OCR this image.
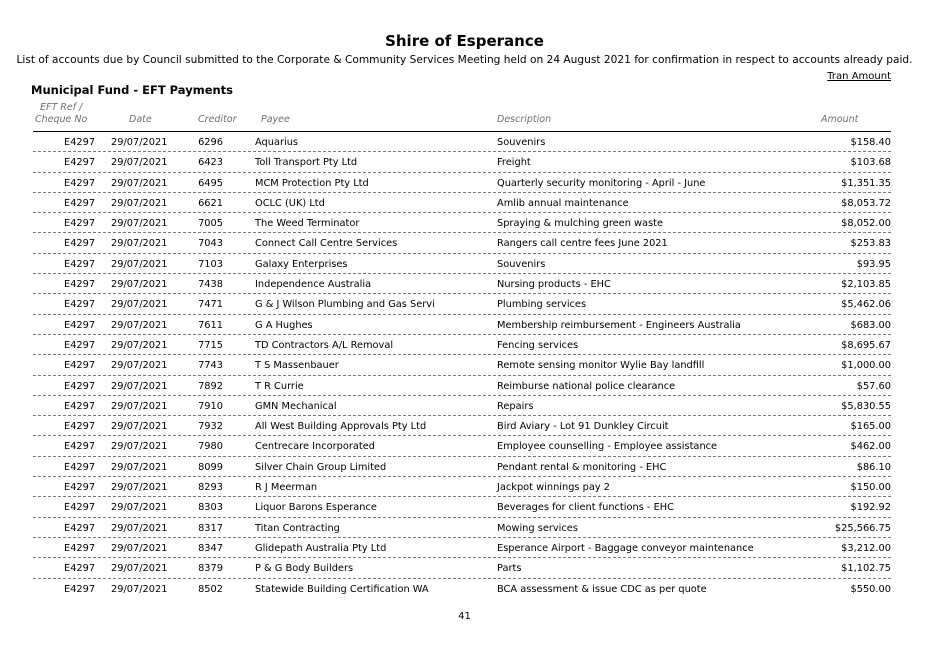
Shire of Esperance
List of accounts due by Council submitted to the Corporate & Community Services Meeting held on 24 August 2021 for confirmation in respect to accounts already paid.
Tran Amount
Municipal Fund - EFT Payments
EFT Ref /
Cheque No	Date	Creditor	Payee	Description	Amount
E4297 29/07/2021	6296	Aquarius	Souvenirs	$158.40
E4297 29/07/2021	6423	Toll Transport Pty Ltd	Freight	$103.68
E4297 29/07/2021	6495	MCM Protection Pty Ltd	Quarterly security monitoring - April - June	$1,351.35
E4297 29/07/2021	6621	OCLC (UK) Ltd	Amlib annual maintenance	$8,053.72
E4297 29/07/2021	7005	The Weed Terminator	Spraying & mulching green waste	$8,052.00
E4297 29/07/2021	7043	Connect Call Centre Services	Rangers call centre fees June 2021	$253.83
E4297 29/07/2021	7103	Galaxy Enterprises	Souvenirs	$93.95
E4297 29/07/2021	7438	Independence Australia	Nursing products - EHC	$2,103.85
E4297 29/07/2021	7471	G & J Wilson Plumbing and Gas Servi	Plumbing services	$5,462.06
E4297 29/07/2021	7611	G A Hughes	Membership reimbursement - Engineers Australia	$683.00
E4297 29/07/2021	7715	TD Contractors A/L Removal	Fencing services	$8,695.67
E4297 29/07/2021	7743	T S Massenbauer	Remote sensing monitor Wylie Bay landfill	$1,000.00
E4297 29/07/2021	7892	T R Currie	Reimburse national police clearance	$57.60
E4297 29/07/2021	7910	GMN Mechanical	Repairs	$5,830.55
E4297 29/07/2021	7932	All West Building Approvals Pty Ltd	Bird Aviary - Lot 91 Dunkley Circuit	$165.00
E4297 29/07/2021	7980	Centrecare Incorporated	Employee counselling - Employee assistance	$462.00
E4297 29/07/2021	8099	Silver Chain Group Limited	Pendant rental & monitoring - EHC	$86.10
E4297 29/07/2021	8293	R J Meerman	Jackpot winnings pay 2	$150.00
E4297 29/07/2021	8303	Liquor Barons Esperance	Beverages for client functions - EHC	$192.92
E4297 29/07/2021	8317	Titan Contracting	Mowing services	$25,566.75
E4297 29/07/2021	8347	Glidepath Australia Pty Ltd	Esperance Airport - Baggage conveyor maintenance	$3,212.00
E4297 29/07/2021	8379	P & G Body Builders	Parts	$1,102.75
E4297 29/07/2021	8502	Statewide Building Certification WA	BCA assessment & issue CDC as per quote	$550.00
41
